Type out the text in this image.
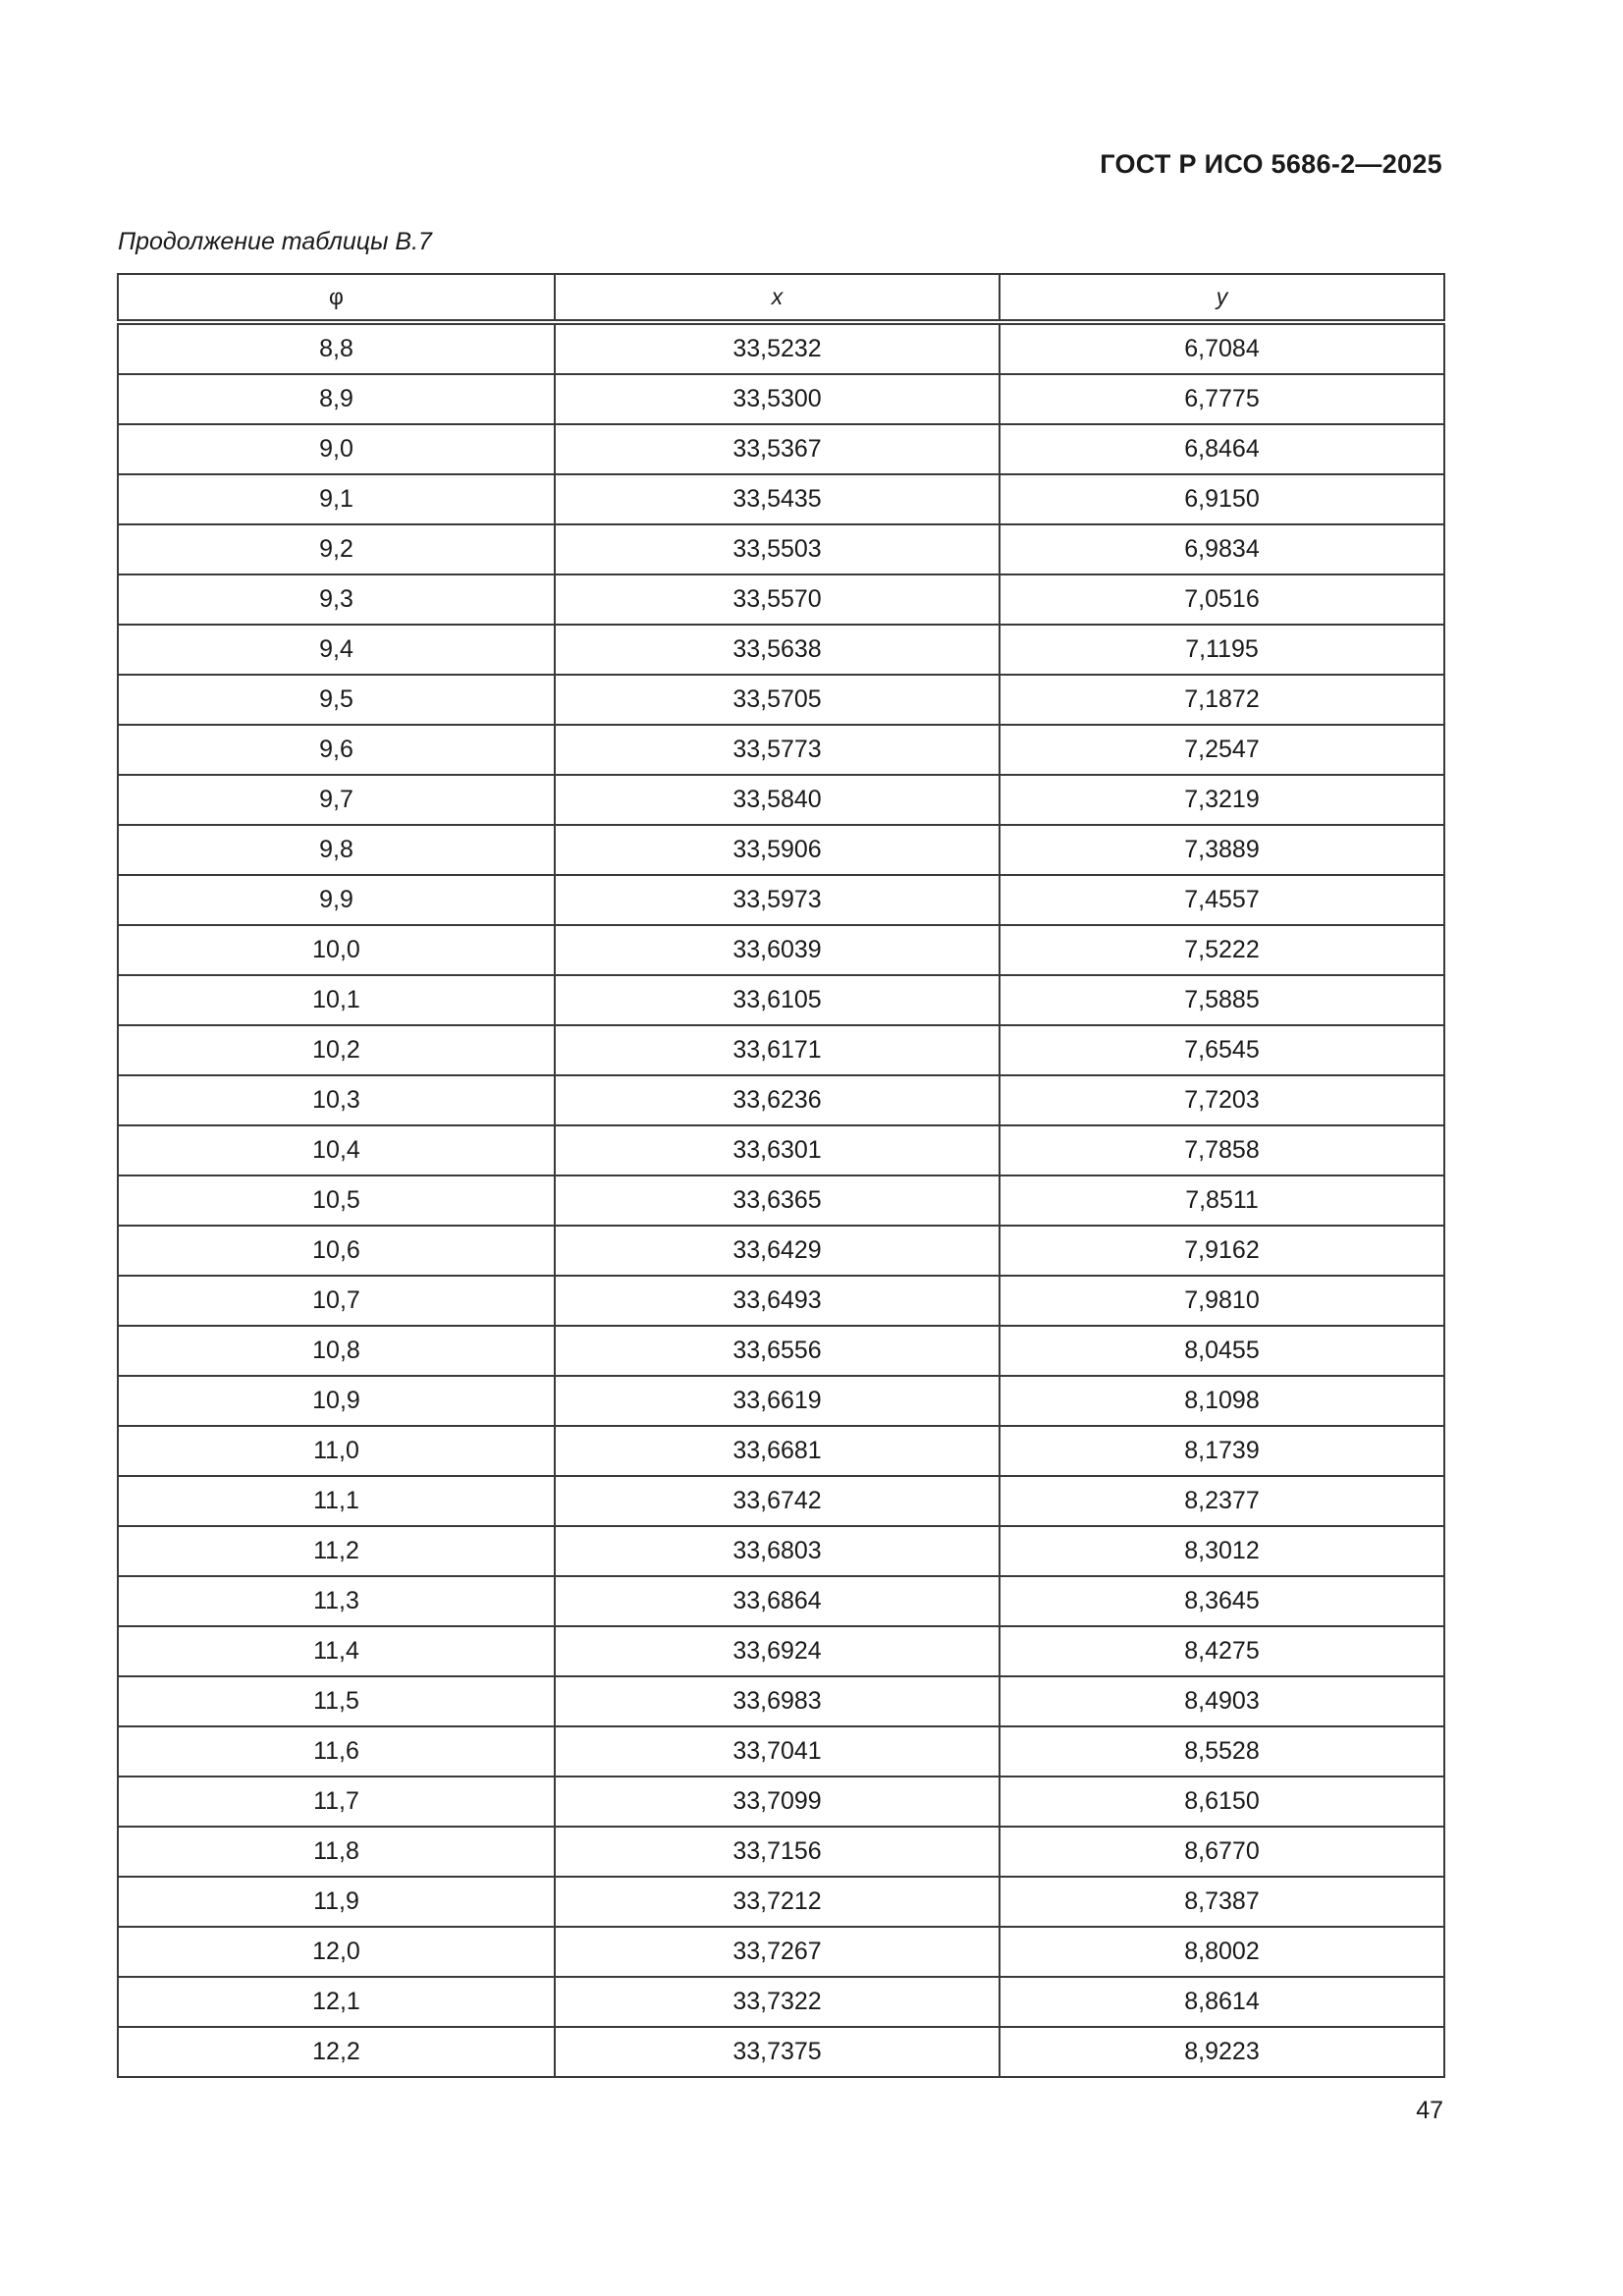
ГОСТ Р ИСО 5686-2—2025
Продолжение таблицы В.7
φ	x	y
8,8	33,5232	6,7084
8,9	33,5300	6,7775
9,0	33,5367	6,8464
9,1	33,5435	6,9150
9,2	33,5503	6,9834
9,3	33,5570	7,0516
9,4	33,5638	7,1195
9,5	33,5705	7,1872
9,6	33,5773	7,2547
9,7	33,5840	7,3219
9,8	33,5906	7,3889
9,9	33,5973	7,4557
10,0	33,6039	7,5222
10,1	33,6105	7,5885
10,2	33,6171	7,6545
10,3	33,6236	7,7203
10,4	33,6301	7,7858
10,5	33,6365	7,8511
10,6	33,6429	7,9162
10,7	33,6493	7,9810
10,8	33,6556	8,0455
10,9	33,6619	8,1098
11,0	33,6681	8,1739
11,1	33,6742	8,2377
11,2	33,6803	8,3012
11,3	33,6864	8,3645
11,4	33,6924	8,4275
11,5	33,6983	8,4903
11,6	33,7041	8,5528
11,7	33,7099	8,6150
11,8	33,7156	8,6770
11,9	33,7212	8,7387
12,0	33,7267	8,8002
12,1	33,7322	8,8614
12,2	33,7375	8,9223
47
